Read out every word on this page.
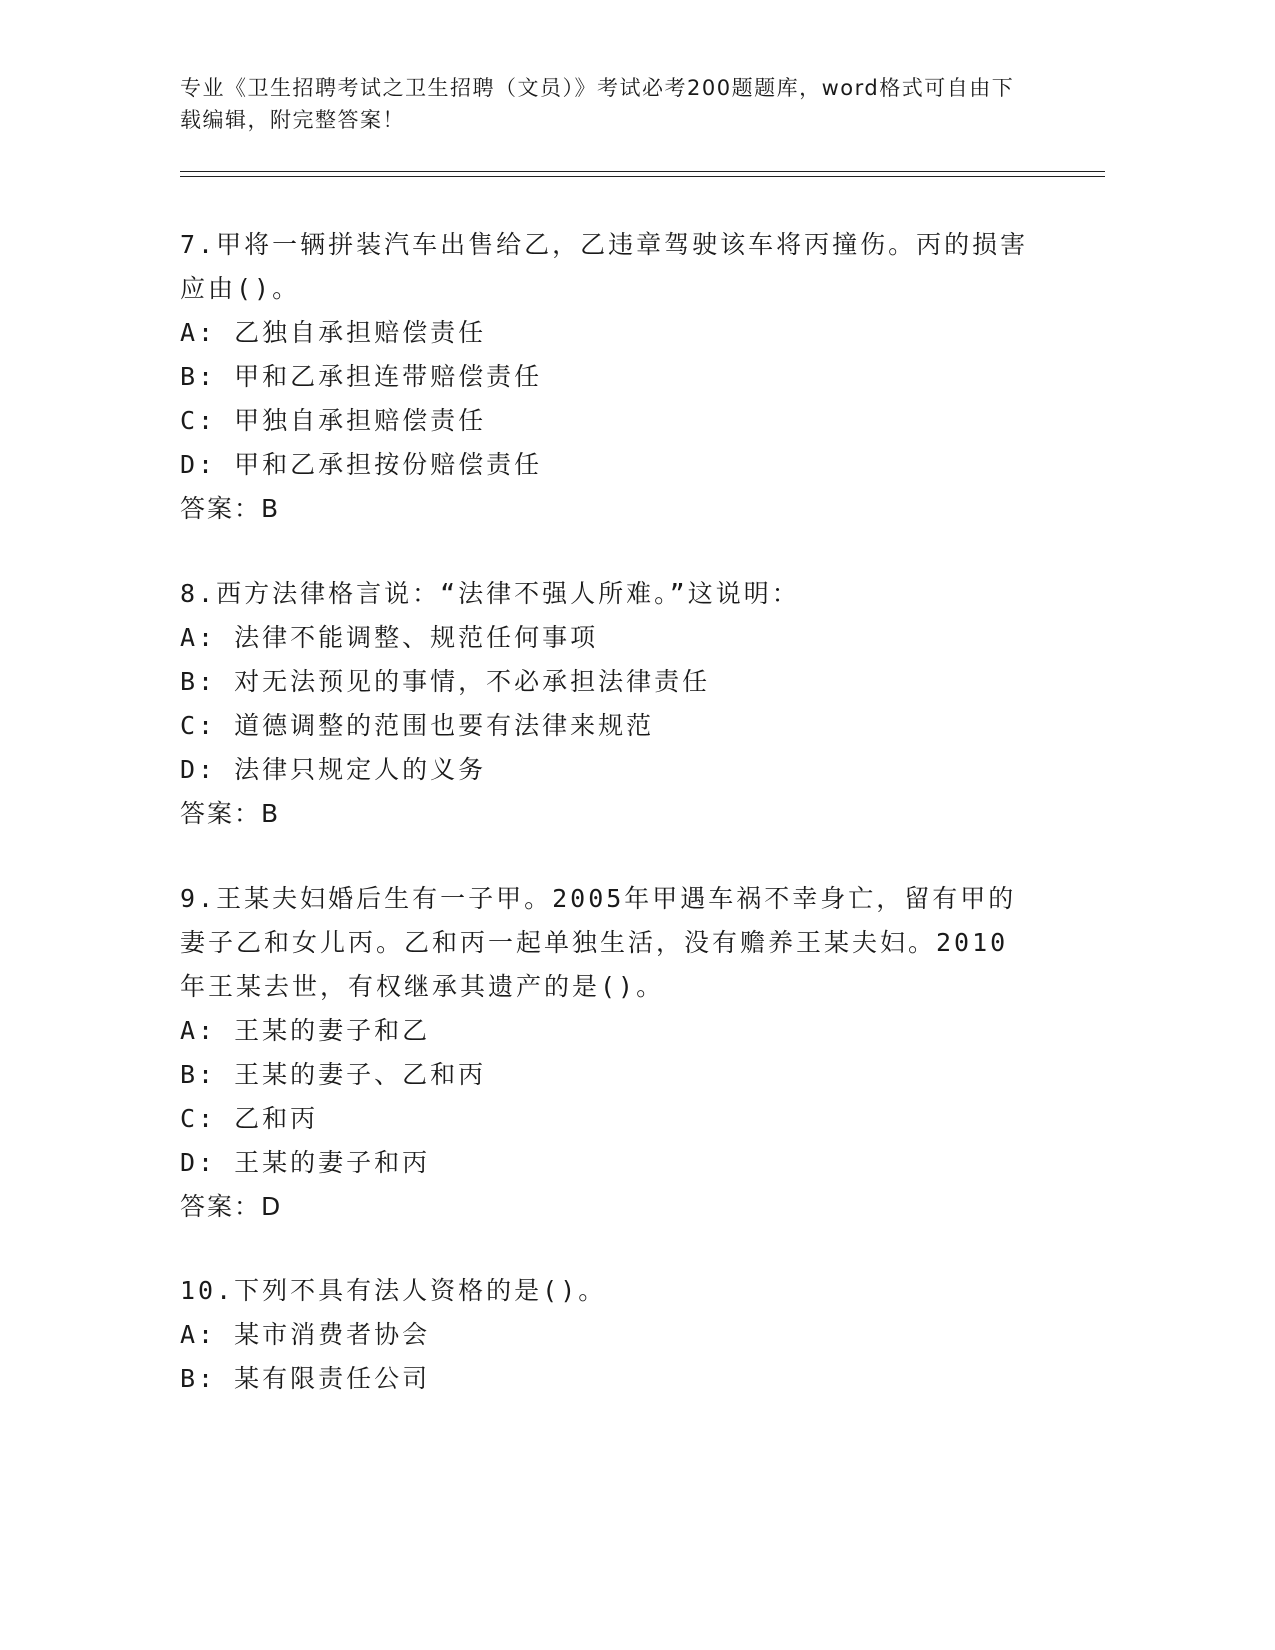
专业《卫生招聘考试之卫生招聘（文员）》考试必考200题题库，word格式可自由下载编辑，附完整答案！

7.甲将一辆拼装汽车出售给乙，乙违章驾驶该车将丙撞伤。丙的损害应由()。

A: 乙独自承担赔偿责任

B: 甲和乙承担连带赔偿责任

C: 甲独自承担赔偿责任

D: 甲和乙承担按份赔偿责任

答案：B

8.西方法律格言说：“法律不强人所难。”这说明：

A: 法律不能调整、规范任何事项

B: 对无法预见的事情，不必承担法律责任

C: 道德调整的范围也要有法律来规范

D: 法律只规定人的义务

答案：B

9.王某夫妇婚后生有一子甲。2005年甲遇车祸不幸身亡，留有甲的妻子乙和女儿丙。乙和丙一起单独生活，没有赡养王某夫妇。2010年王某去世，有权继承其遗产的是()。

A: 王某的妻子和乙

B: 王某的妻子、乙和丙

C: 乙和丙

D: 王某的妻子和丙

答案：D

10.下列不具有法人资格的是()。

A: 某市消费者协会

B: 某有限责任公司
